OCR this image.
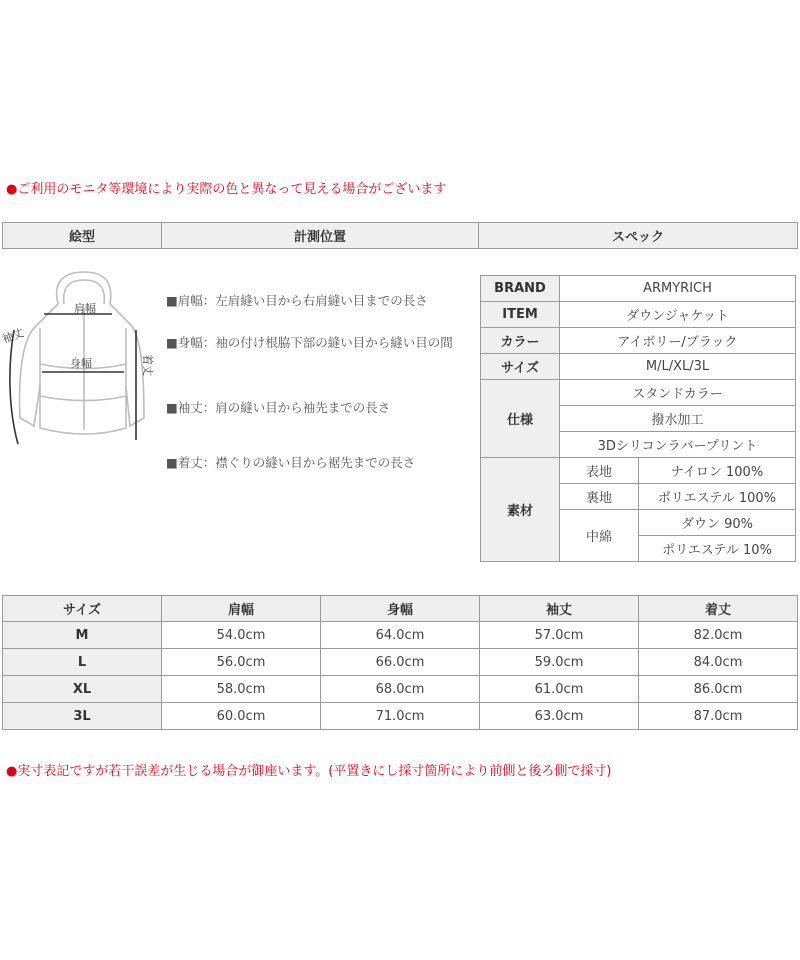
●ご利用のモニタ等環境により実際の色と異なって見える場合がございます
絵型	計測位置	スペック
肩幅
身幅
袖丈
着丈
■肩幅：左肩縫い目から右肩縫い目までの長さ
■身幅：袖の付け根脇下部の縫い目から縫い目の間
■袖丈：肩の縫い目から袖先までの長さ
■着丈：襟ぐりの縫い目から裾先までの長さ
BRAND	ARMYRICH	
ITEM	ダウンジャケット	
カラー	アイボリー/ブラック	
サイズ	M/L/XL/3L	
仕様	スタンドカラー	
	撥水加工	
	3Dシリコンラバープリント	
素材	表地	ナイロン 100%
	裏地	ポリエステル 100%
	中綿	ダウン 90%
		ポリエステル 10%
サイズ	肩幅	身幅	袖丈	着丈
M	54.0cm	64.0cm	57.0cm	82.0cm
L	56.0cm	66.0cm	59.0cm	84.0cm
XL	58.0cm	68.0cm	61.0cm	86.0cm
3L	60.0cm	71.0cm	63.0cm	87.0cm
●実寸表記ですが若干誤差が生じる場合が御座います。(平置きにし採寸箇所により前側と後ろ側で採寸)
